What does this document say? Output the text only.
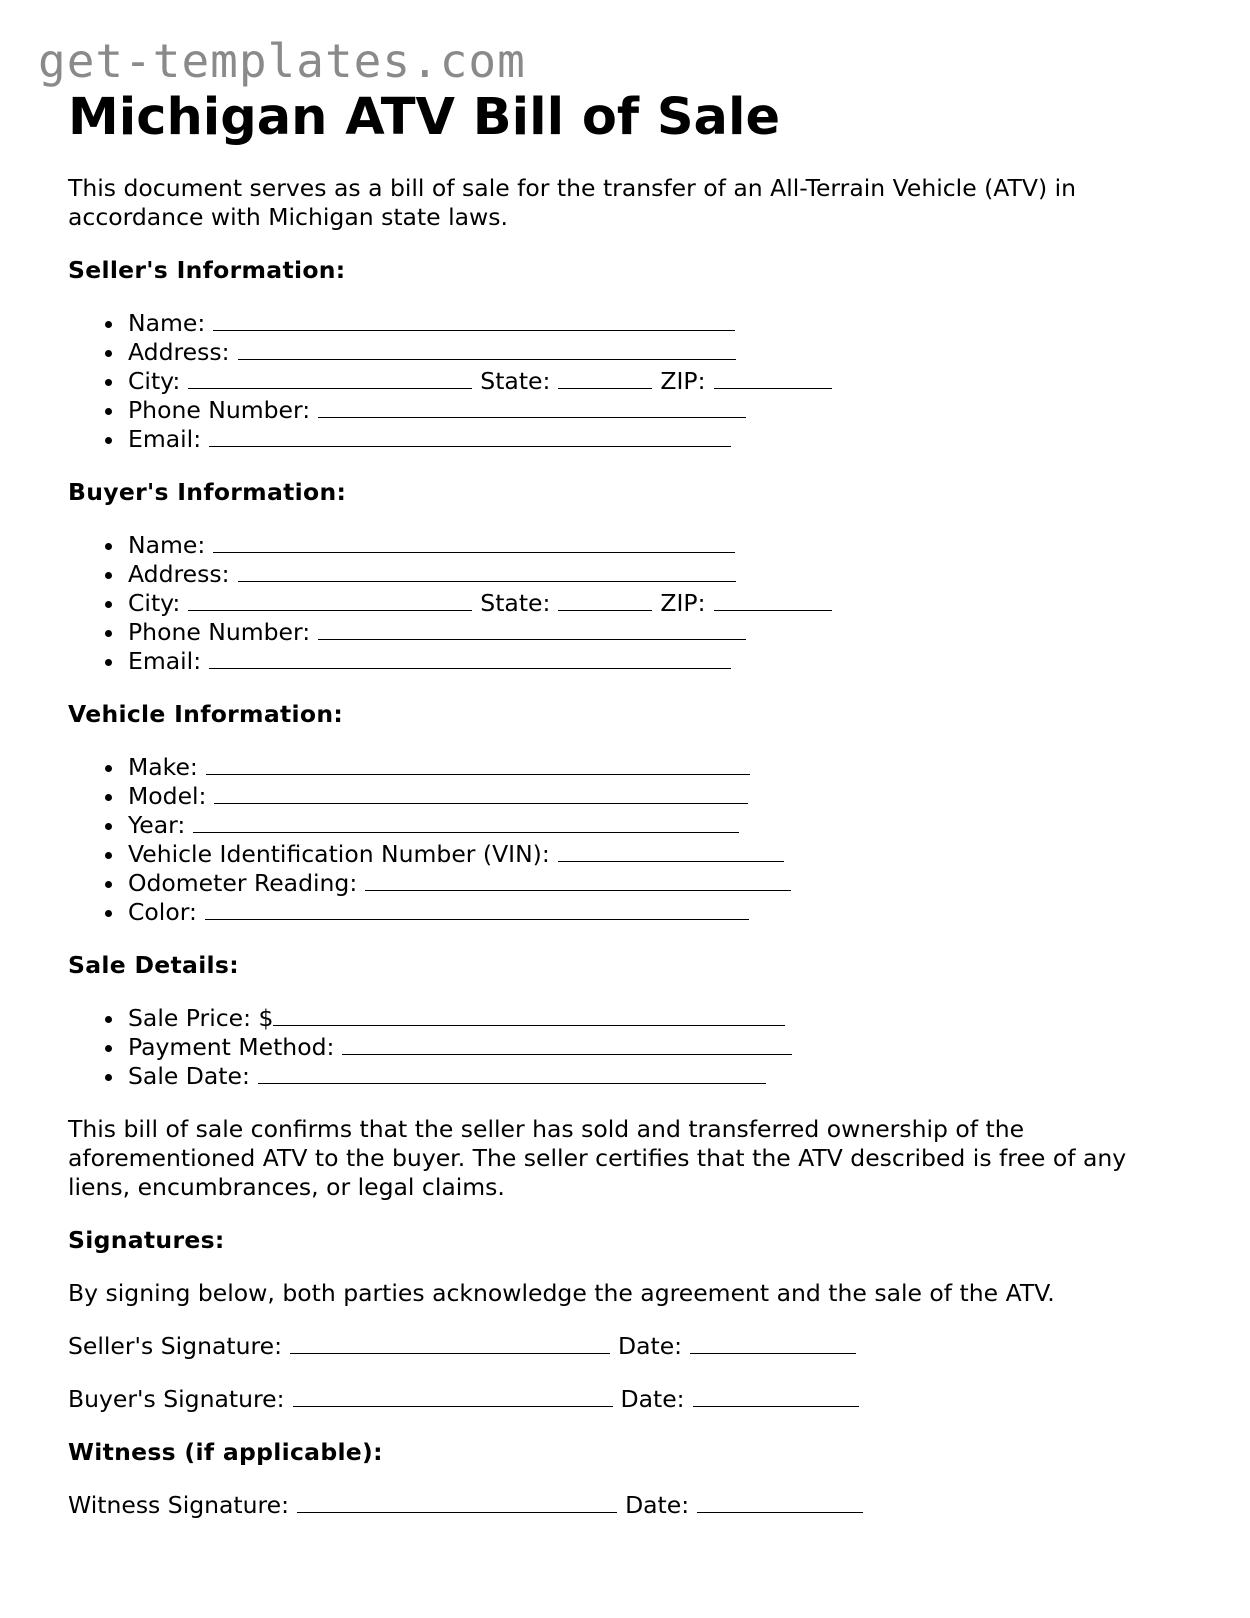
get-templates.com
Michigan ATV Bill of Sale

This document serves as a bill of sale for the transfer of an All-Terrain Vehicle (ATV) in accordance with Michigan state laws.

Seller's Information:
Name:
Address:
City:	State:	ZIP:
Phone Number:
Email:
Buyer's Information:
Name:
Address:
City:	State:	ZIP:
Phone Number:
Email:
Vehicle Information:
Make:
Model:
Year:
Vehicle Identification Number (VIN):
Odometer Reading:
Color:
Sale Details:
Sale Price: $
Payment Method:
Sale Date:

This bill of sale confirms that the seller has sold and transferred ownership of the aforementioned ATV to the buyer. The seller certifies that the ATV described is free of any liens, encumbrances, or legal claims.

Signatures:

By signing below, both parties acknowledge the agreement and the sale of the ATV.

Seller's Signature:	Date:
Buyer's Signature:	Date:
Witness (if applicable):
Witness Signature:	Date:
